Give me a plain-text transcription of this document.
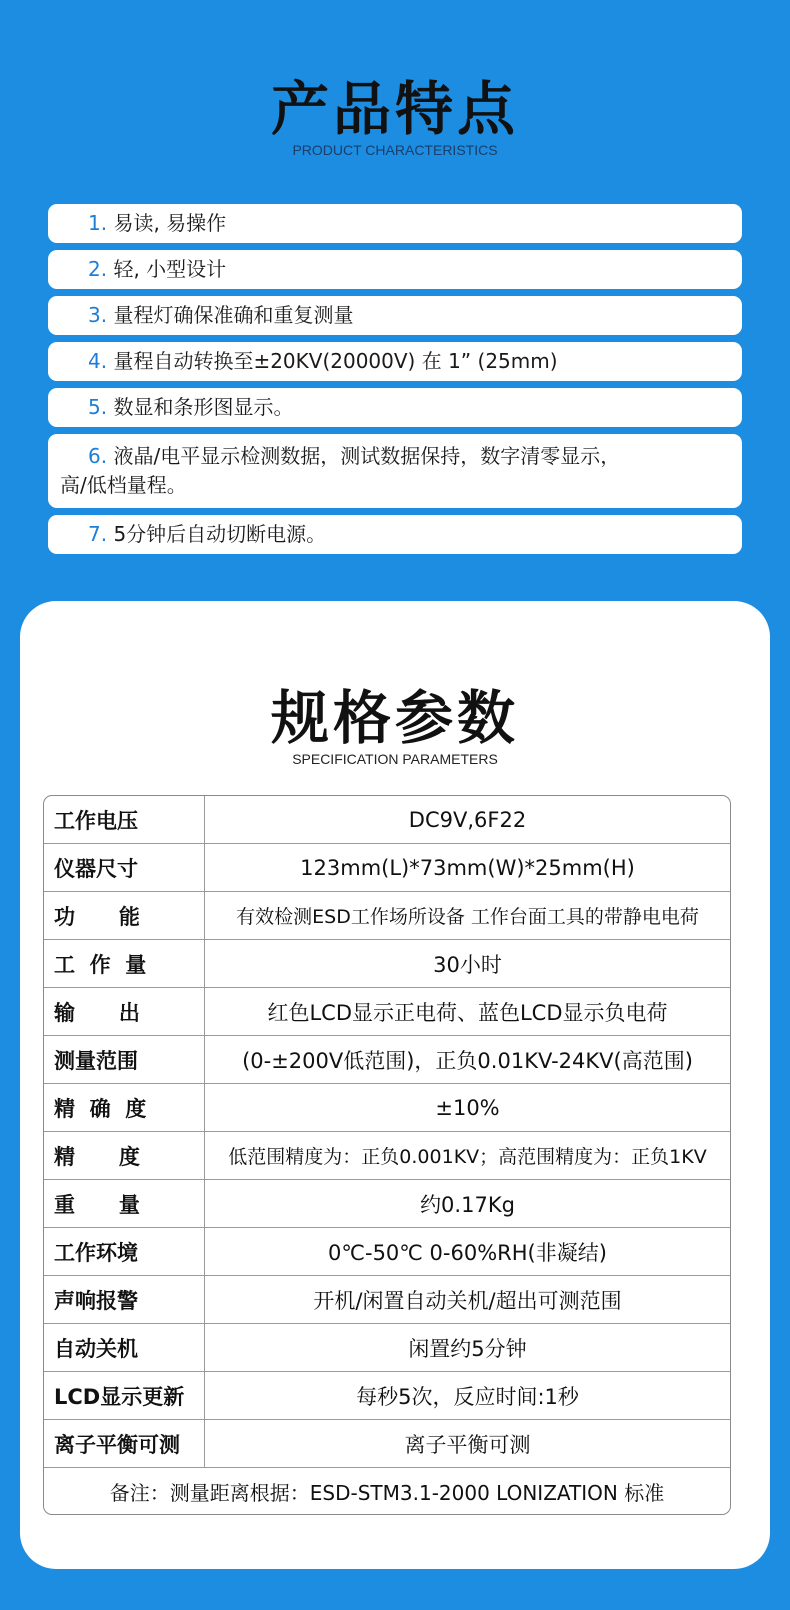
产品特点
PRODUCT CHARACTERISTICS
1. 易读, 易操作
2. 轻, 小型设计
3. 量程灯确保准确和重复测量
4. 量程自动转换至±20KV(20000V) 在 1” (25mm)
5. 数显和条形图显示。
6. 液晶/电平显示检测数据，测试数据保持，数字清零显示，
高/低档量程。
7. 5分钟后自动切断电源。
规格参数
SPECIFICATION PARAMETERS
工作电压	DC9V,6F22
仪器尺寸	123mm(L)*73mm(W)*25mm(H)
功      能	有效检测ESD工作场所设备 工作台面工具的带静电电荷
工  作  量	30小时
输      出	红色LCD显示正电荷、蓝色LCD显示负电荷
测量范围	(0-±200V低范围)，正负0.01KV-24KV(高范围)
精  确  度	±10%
精      度	低范围精度为：正负0.001KV；高范围精度为：正负1KV
重      量	约0.17Kg
工作环境	0℃-50℃ 0-60%RH(非凝结)
声响报警	开机/闲置自动关机/超出可测范围
自动关机	闲置约5分钟
LCD显示更新	每秒5次，反应时间:1秒
离子平衡可测	离子平衡可测
备注：测量距离根据：ESD-STM3.1-2000 LONIZATION 标准
